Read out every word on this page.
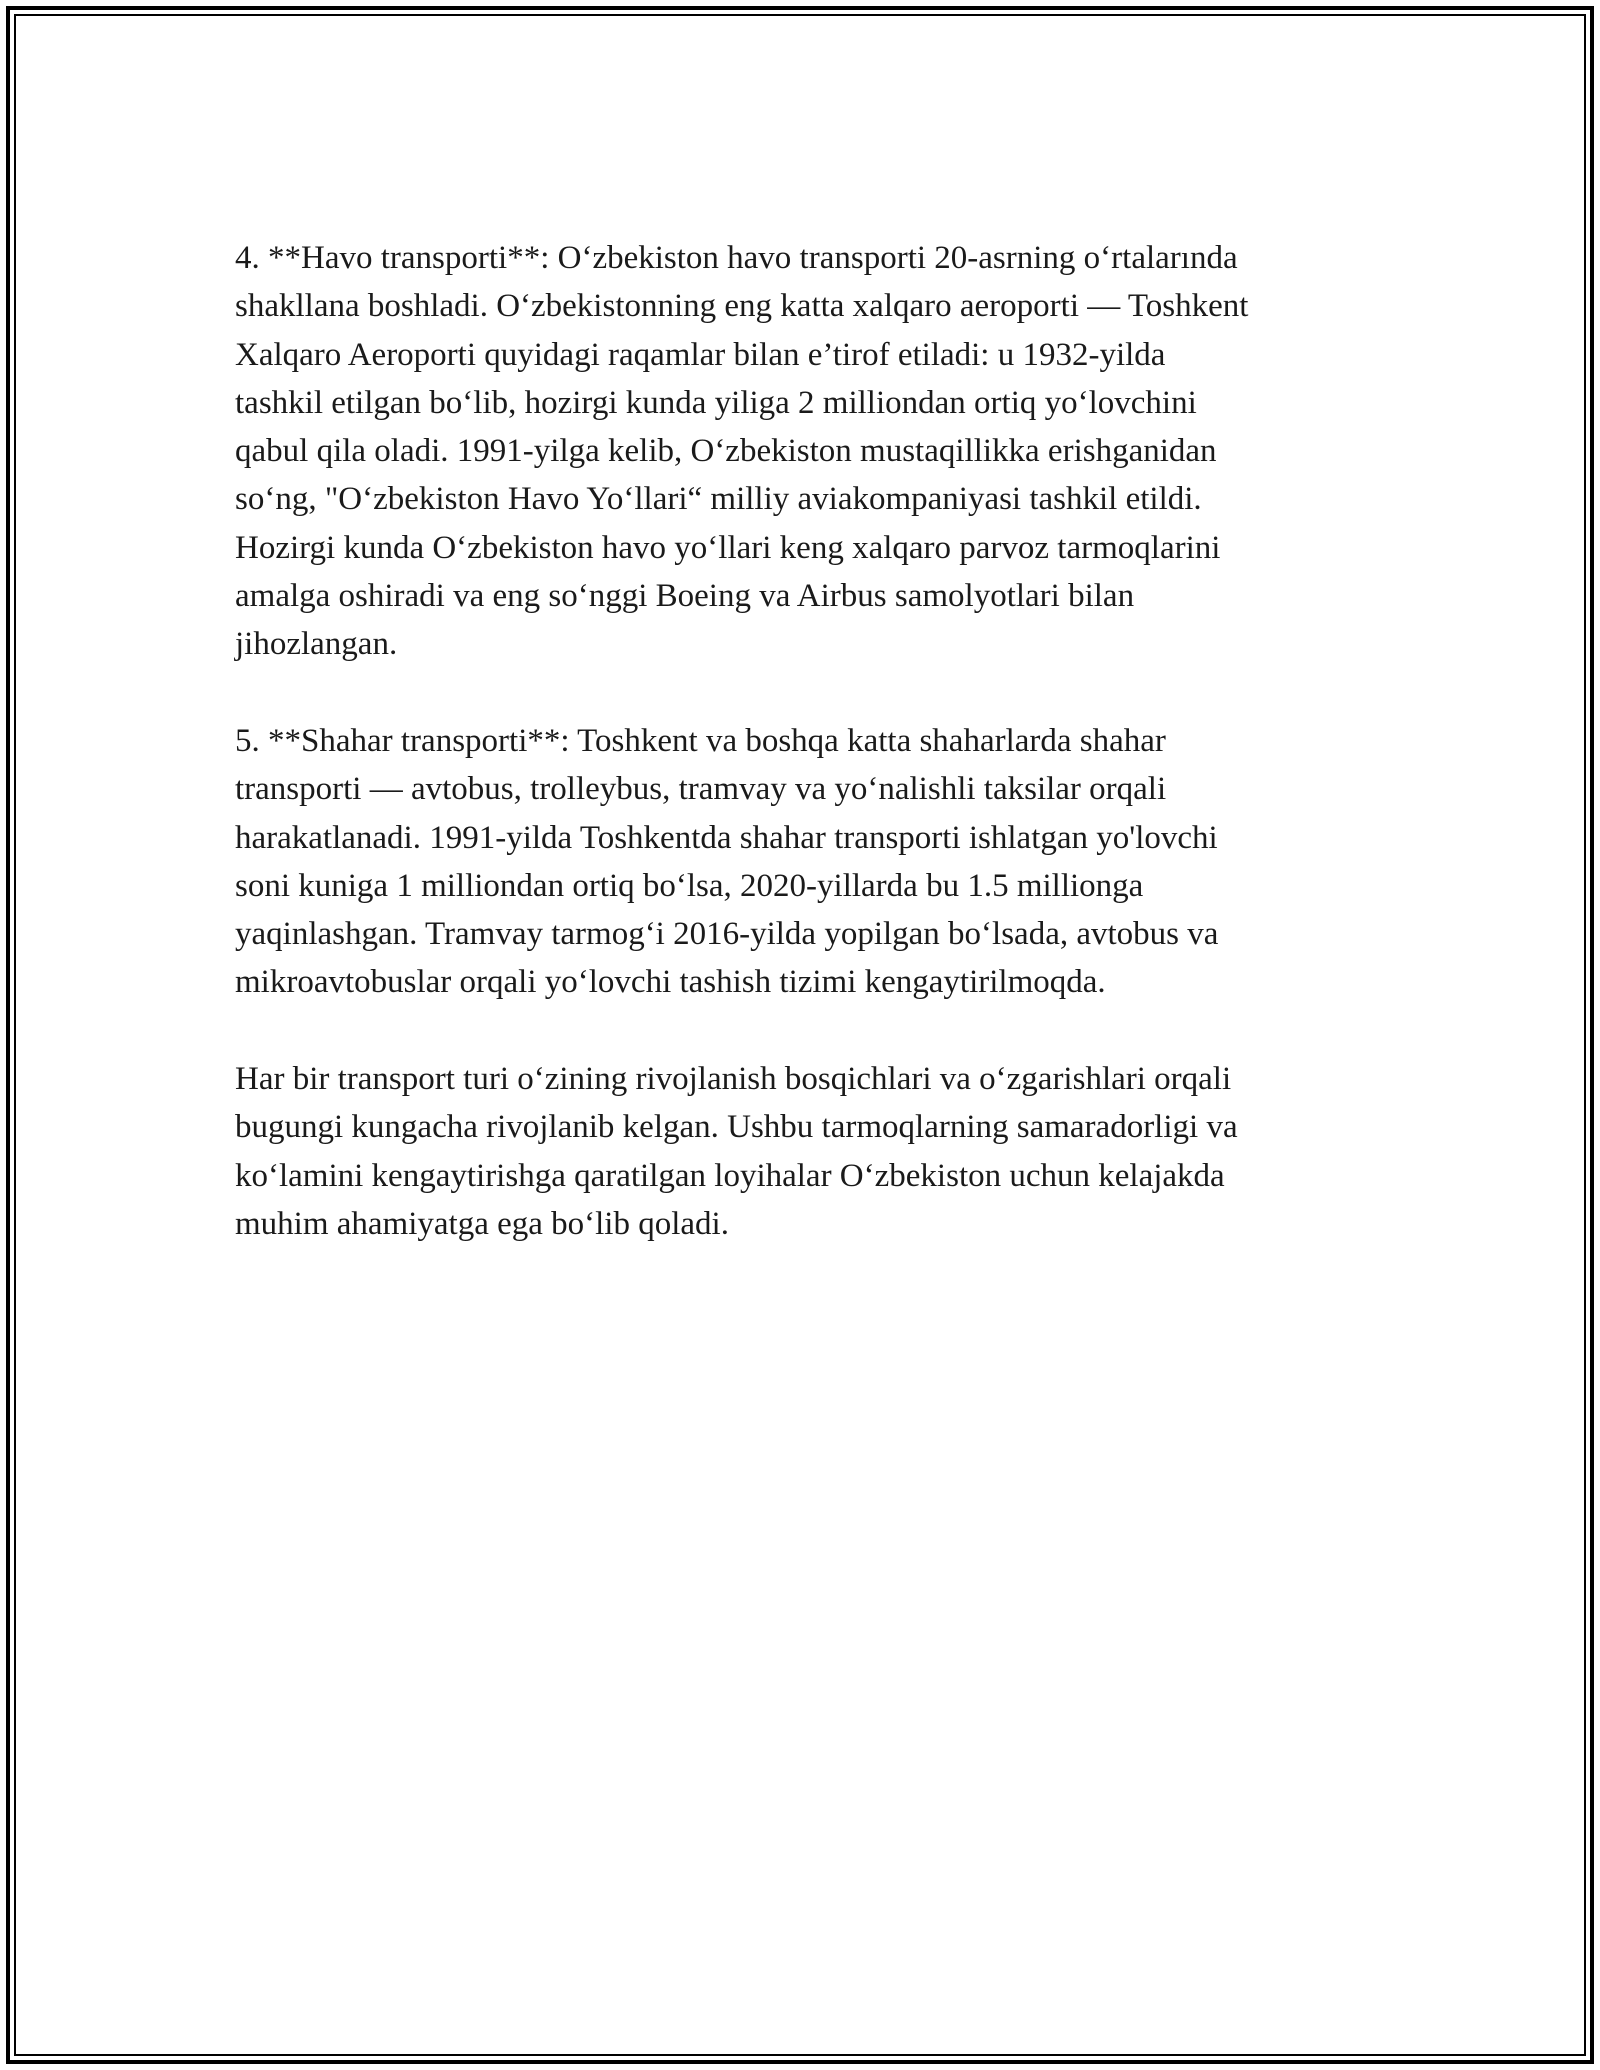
4. **Havo transporti**: O‘zbekiston havo transporti 20-asrning o‘rtalarında
shakllana boshladi. O‘zbekistonning eng katta xalqaro aeroporti — Toshkent
Xalqaro Aeroporti quyidagi raqamlar bilan e’tirof etiladi: u 1932-yilda
tashkil etilgan bo‘lib, hozirgi kunda yiliga 2 milliondan ortiq yo‘lovchini
qabul qila oladi. 1991-yilga kelib, O‘zbekiston mustaqillikka erishganidan
so‘ng, "O‘zbekiston Havo Yo‘llari“ milliy aviakompaniyasi tashkil etildi.
Hozirgi kunda O‘zbekiston havo yo‘llari keng xalqaro parvoz tarmoqlarini
amalga oshiradi va eng so‘nggi Boeing va Airbus samolyotlari bilan
jihozlangan.

5. **Shahar transporti**: Toshkent va boshqa katta shaharlarda shahar
transporti — avtobus, trolleybus, tramvay va yo‘nalishli taksilar orqali
harakatlanadi. 1991-yilda Toshkentda shahar transporti ishlatgan yo'lovchi
soni kuniga 1 milliondan ortiq bo‘lsa, 2020-yillarda bu 1.5 millionga
yaqinlashgan. Tramvay tarmog‘i 2016-yilda yopilgan bo‘lsada, avtobus va
mikroavtobuslar orqali yo‘lovchi tashish tizimi kengaytirilmoqda.

Har bir transport turi o‘zining rivojlanish bosqichlari va o‘zgarishlari orqali
bugungi kungacha rivojlanib kelgan. Ushbu tarmoqlarning samaradorligi va
ko‘lamini kengaytirishga qaratilgan loyihalar O‘zbekiston uchun kelajakda
muhim ahamiyatga ega bo‘lib qoladi.
